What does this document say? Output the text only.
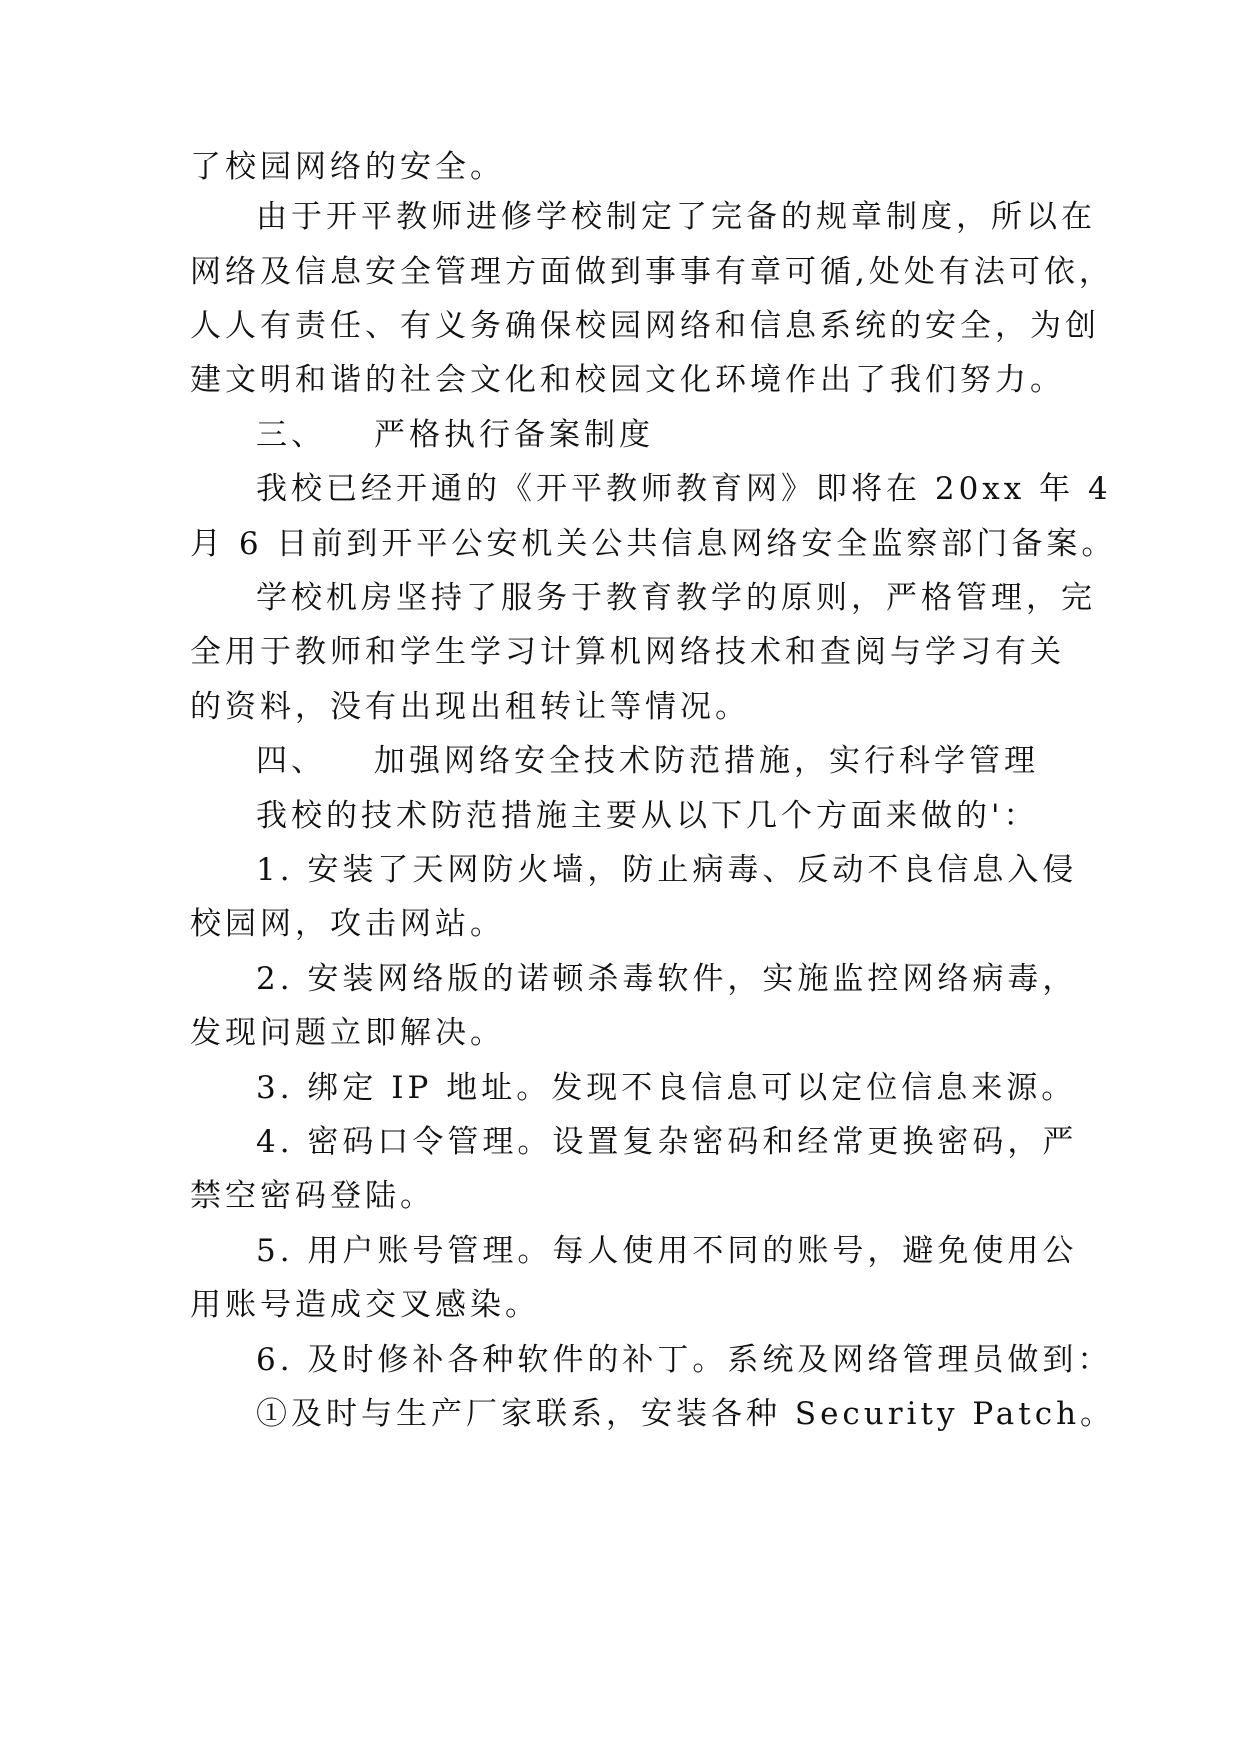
了校园网络的安全。

由于开平教师进修学校制定了完备的规章制度，所以在

网络及信息安全管理方面做到事事有章可循,处处有法可依，

人人有责任、有义务确保校园网络和信息系统的安全，为创

建文明和谐的社会文化和校园文化环境作出了我们努力。

三、 严格执行备案制度

我校已经开通的《开平教师教育网》即将在 20xx 年 4

月 6 日前到开平公安机关公共信息网络安全监察部门备案。

学校机房坚持了服务于教育教学的原则，严格管理，完

全用于教师和学生学习计算机网络技术和查阅与学习有关

的资料，没有出现出租转让等情况。

四、 加强网络安全技术防范措施，实行科学管理

我校的技术防范措施主要从以下几个方面来做的'：

1. 安装了天网防火墙，防止病毒、反动不良信息入侵

校园网，攻击网站。

2. 安装网络版的诺顿杀毒软件，实施监控网络病毒，

发现问题立即解决。

3. 绑定 IP 地址。发现不良信息可以定位信息来源。

4. 密码口令管理。设置复杂密码和经常更换密码，严

禁空密码登陆。

5. 用户账号管理。每人使用不同的账号，避免使用公

用账号造成交叉感染。

6. 及时修补各种软件的补丁。系统及网络管理员做到：

①及时与生产厂家联系，安装各种 Security Patch。
